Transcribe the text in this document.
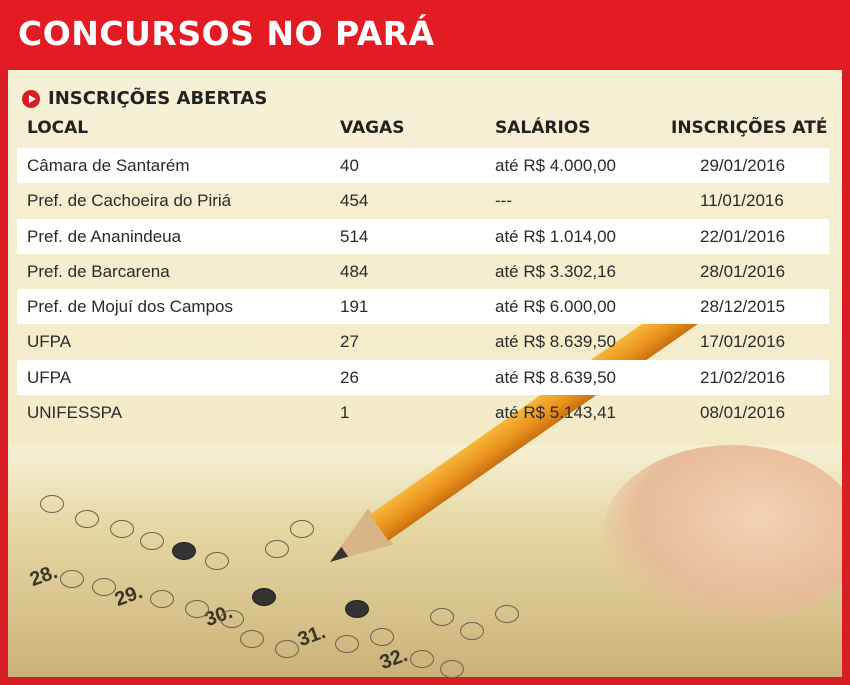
CONCURSOS NO PARÁ
28.
29.
30.
31.
32.
INSCRIÇÕES ABERTAS
LOCAL	VAGAS	SALÁRIOS	INSCRIÇÕES ATÉ
Câmara de Santarém	40	até R$ 4.000,00	29/01/2016
Pref. de Cachoeira do Piriá	454	---	11/01/2016
Pref. de Ananindeua	514	até R$ 1.014,00	22/01/2016
Pref. de Barcarena	484	até R$ 3.302,16	28/01/2016
Pref. de Mojuí dos Campos	191	até R$ 6.000,00	28/12/2015
UFPA	27	até R$ 8.639,50	17/01/2016
UFPA	26	até R$ 8.639,50	21/02/2016
UNIFESSPA	1	até R$ 5.143,41	08/01/2016
